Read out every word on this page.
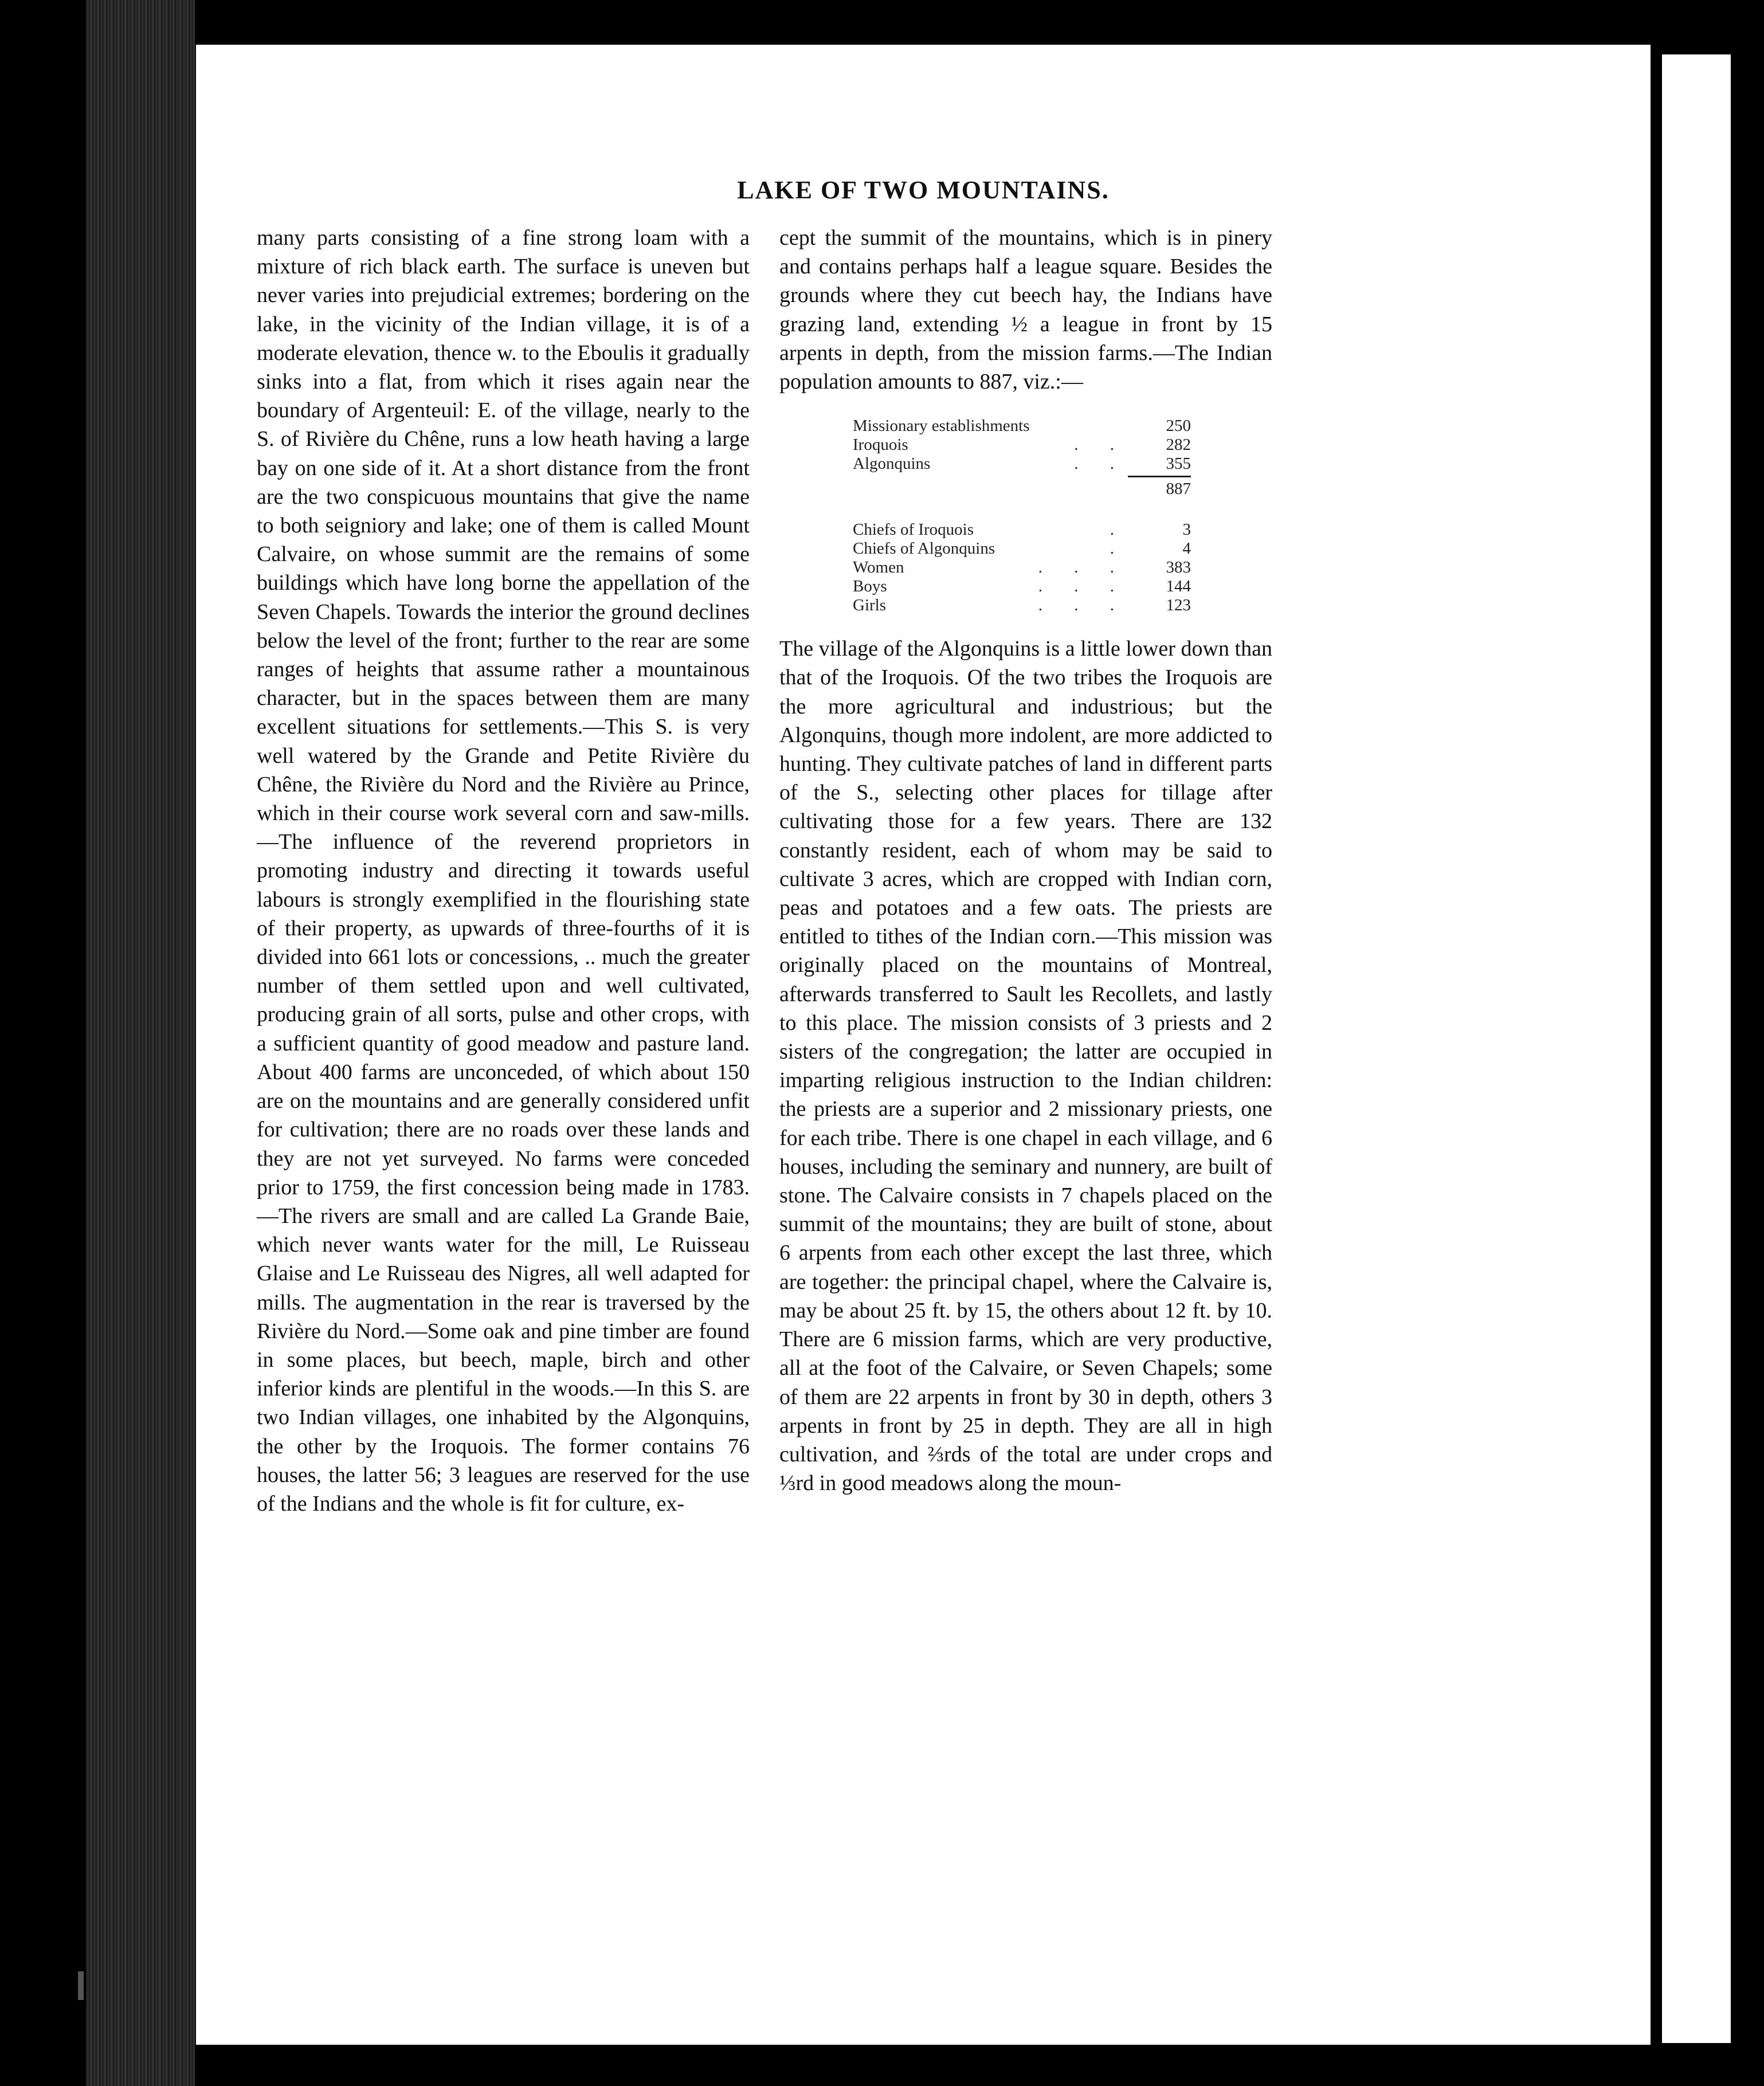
LAKE OF TWO MOUNTAINS.

many parts consisting of a fine strong loam with a mixture of rich black earth. The surface is uneven but never varies into prejudicial extremes; bordering on the lake, in the vicinity of the Indian village, it is of a moderate elevation, thence w. to the Eboulis it gradually sinks into a flat, from which it rises again near the boundary of Argenteuil: E. of the village, nearly to the S. of Rivière du Chêne, runs a low heath having a large bay on one side of it. At a short distance from the front are the two conspicuous mountains that give the name to both seigniory and lake; one of them is called Mount Calvaire, on whose summit are the remains of some buildings which have long borne the appellation of the Seven Chapels. Towards the interior the ground declines below the level of the front; further to the rear are some ranges of heights that assume rather a mountainous character, but in the spaces between them are many excellent situations for settlements.—This S. is very well watered by the Grande and Petite Rivière du Chêne, the Rivière du Nord and the Rivière au Prince, which in their course work several corn and saw-mills.—The influence of the reverend proprietors in promoting industry and directing it towards useful labours is strongly exemplified in the flourishing state of their property, as upwards of three-fourths of it is divided into 661 lots or concessions, .. much the greater number of them settled upon and well cultivated, producing grain of all sorts, pulse and other crops, with a sufficient quantity of good meadow and pasture land. About 400 farms are unconceded, of which about 150 are on the mountains and are generally considered unfit for cultivation; there are no roads over these lands and they are not yet surveyed. No farms were conceded prior to 1759, the first concession being made in 1783.—The rivers are small and are called La Grande Baie, which never wants water for the mill, Le Ruisseau Glaise and Le Ruisseau des Nigres, all well adapted for mills. The augmentation in the rear is traversed by the Rivière du Nord.—Some oak and pine timber are found in some places, but beech, maple, birch and other inferior kinds are plentiful in the woods.—In this S. are two Indian villages, one inhabited by the Algonquins, the other by the Iroquois. The former contains 76 houses, the latter 56; 3 leagues are reserved for the use of the Indians and the whole is fit for culture, ex-

cept the summit of the mountains, which is in pinery and contains perhaps half a league square. Besides the grounds where they cut beech hay, the Indians have grazing land, extending ½ a league in front by 15 arpents in depth, from the mission farms.—The Indian population amounts to 887, viz.:—

Missionary establishments	250
Iroquois	. .	282
Algonquins	. .	355
887
Chiefs of Iroquois	.	3
Chiefs of Algonquins	.	4
Women	. . .	383
Boys	. . .	144
Girls	. . .	123

The village of the Algonquins is a little lower down than that of the Iroquois. Of the two tribes the Iroquois are the more agricultural and industrious; but the Algonquins, though more indolent, are more addicted to hunting. They cultivate patches of land in different parts of the S., selecting other places for tillage after cultivating those for a few years. There are 132 constantly resident, each of whom may be said to cultivate 3 acres, which are cropped with Indian corn, peas and potatoes and a few oats. The priests are entitled to tithes of the Indian corn.—This mission was originally placed on the mountains of Montreal, afterwards transferred to Sault les Recollets, and lastly to this place. The mission consists of 3 priests and 2 sisters of the congregation; the latter are occupied in imparting religious instruction to the Indian children: the priests are a superior and 2 missionary priests, one for each tribe. There is one chapel in each village, and 6 houses, including the seminary and nunnery, are built of stone. The Calvaire consists in 7 chapels placed on the summit of the mountains; they are built of stone, about 6 arpents from each other except the last three, which are together: the principal chapel, where the Calvaire is, may be about 25 ft. by 15, the others about 12 ft. by 10. There are 6 mission farms, which are very productive, all at the foot of the Calvaire, or Seven Chapels; some of them are 22 arpents in front by 30 in depth, others 3 arpents in front by 25 in depth. They are all in high cultivation, and ⅔rds of the total are under crops and ⅓rd in good meadows along the moun-
